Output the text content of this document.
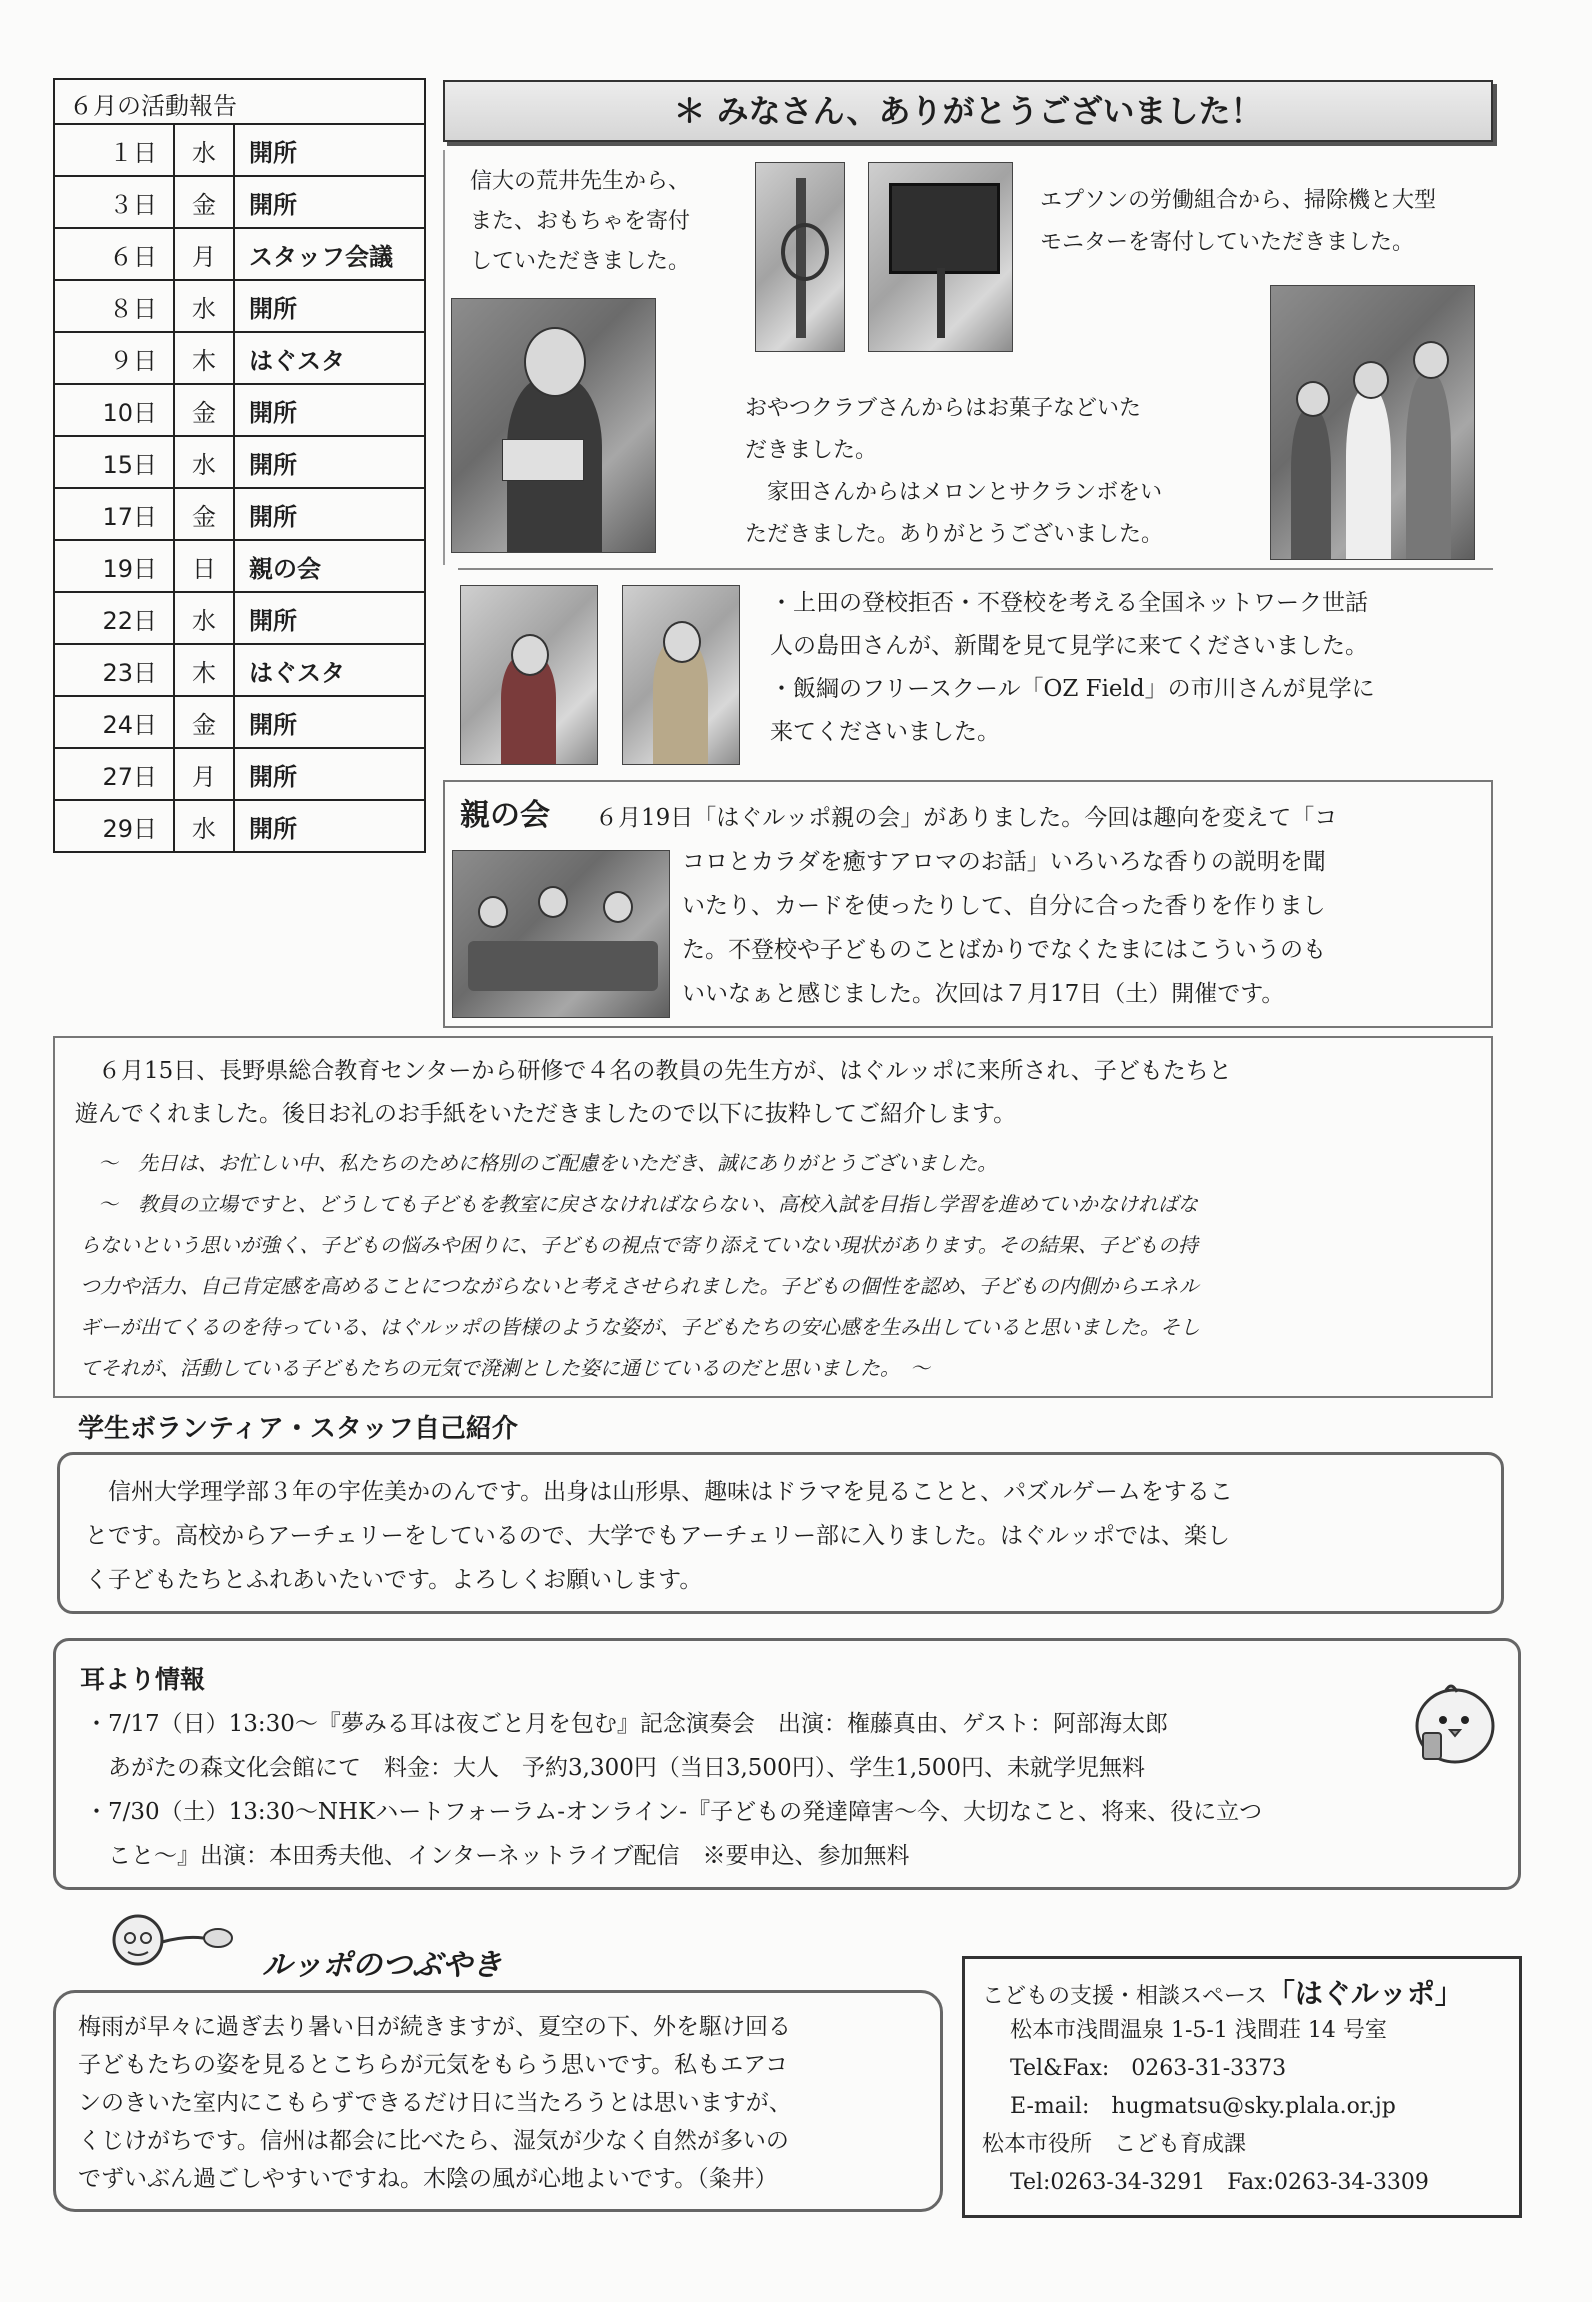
６月の活動報告
１日	水	開所
３日	金	開所
６日	月	スタッフ会議
８日	水	開所
９日	木	はぐスタ
10日	金	開所
15日	水	開所
17日	金	開所
19日	日	親の会
22日	水	開所
23日	木	はぐスタ
24日	金	開所
27日	月	開所
29日	水	開所
＊ みなさん、ありがとうございました！
信大の荒井先生から、
また、おもちゃを寄付
していただきました。
エプソンの労働組合から、掃除機と大型
モニターを寄付していただきました。
おやつクラブさんからはお菓子などいた
だきました。
　家田さんからはメロンとサクランボをい
ただきました。ありがとうございました。
・上田の登校拒否・不登校を考える全国ネットワーク世話
人の島田さんが、新聞を見て見学に来てくださいました。
・飯綱のフリースクール「OZ Field」の市川さんが見学に
来てくださいました。
親の会 ６月19日「はぐルッポ親の会」がありました。今回は趣向を変えて「コ
コロとカラダを癒すアロマのお話」いろいろな香りの説明を聞
いたり、カードを使ったりして、自分に合った香りを作りまし
た。不登校や子どものことばかりでなくたまにはこういうのも
いいなぁと感じました。次回は７月17日（土）開催です。
　６月15日、長野県総合教育センターから研修で４名の教員の先生方が、はぐルッポに来所され、子どもたちと
遊んでくれました。後日お礼のお手紙をいただきましたので以下に抜粋してご紹介します。
～　先日は、お忙しい中、私たちのために格別のご配慮をいただき、誠にありがとうございました。
～　教員の立場ですと、どうしても子どもを教室に戻さなければならない、高校入試を目指し学習を進めていかなければな
らないという思いが強く、子どもの悩みや困りに、子どもの視点で寄り添えていない現状があります。その結果、子どもの持
つ力や活力、自己肯定感を高めることにつながらないと考えさせられました。子どもの個性を認め、子どもの内側からエネル
ギーが出てくるのを待っている、はぐルッポの皆様のような姿が、子どもたちの安心感を生み出していると思いました。そし
てそれが、活動している子どもたちの元気で溌溂とした姿に通じているのだと思いました。　～
学生ボランティア・スタッフ自己紹介
　信州大学理学部３年の宇佐美かのんです。出身は山形県、趣味はドラマを見ることと、パズルゲームをするこ
とです。高校からアーチェリーをしているので、大学でもアーチェリー部に入りました。はぐルッポでは、楽し
く子どもたちとふれあいたいです。よろしくお願いします。
耳より情報
・7/17（日）13:30～『夢みる耳は夜ごと月を包む』記念演奏会　出演：権藤真由、ゲスト：阿部海太郎
　あがたの森文化会館にて　料金：大人　予約3,300円（当日3,500円）、学生1,500円、未就学児無料
・7/30（土）13:30～NHKハートフォーラム-オンライン-『子どもの発達障害～今、大切なこと、将来、役に立つ
　こと～』出演：本田秀夫他、インターネットライブ配信　※要申込、参加無料
ルッポのつぶやき
梅雨が早々に過ぎ去り暑い日が続きますが、夏空の下、外を駆け回る
子どもたちの姿を見るとこちらが元気をもらう思いです。私もエアコ
ンのきいた室内にこもらずできるだけ日に当たろうとは思いますが、
くじけがちです。信州は都会に比べたら、湿気が少なく自然が多いの
でずいぶん過ごしやすいですね。木陰の風が心地よいです。（粂井）
こどもの支援・相談スペース「はぐルッポ」
松本市浅間温泉 1-5-1 浅間荘 14 号室
Tel&Fax:　0263-31-3373
E-mail:　hugmatsu@sky.plala.or.jp
松本市役所　こども育成課
Tel:0263-34-3291　Fax:0263-34-3309
